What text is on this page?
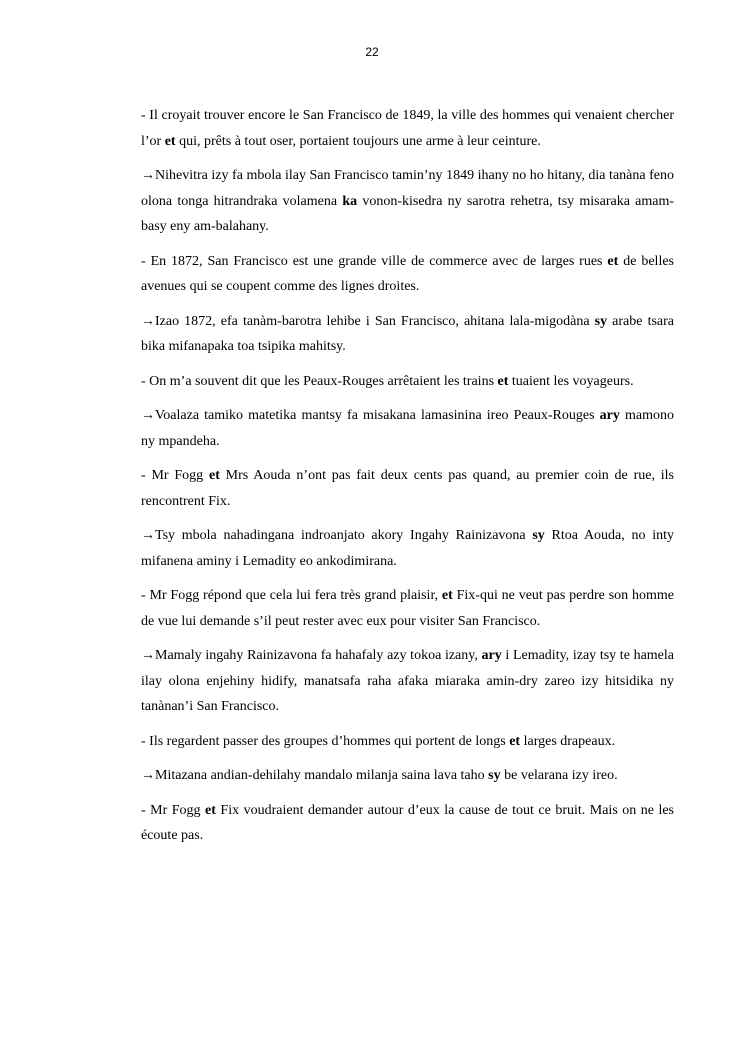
22

- Il croyait trouver encore le San Francisco de 1849, la ville des hommes qui venaient chercher l’or et qui, prêts à tout oser, portaient toujours une arme à leur ceinture.

→Nihevitra izy fa mbola ilay San Francisco tamin’ny 1849 ihany no ho hitany, dia tanàna feno olona tonga hitrandraka volamena ka vonon-kisedra ny sarotra rehetra, tsy misaraka amam-basy eny am-balahany.

- En 1872, San Francisco est une grande ville de commerce avec de larges rues et de belles avenues qui se coupent comme des lignes droites.

→Izao 1872, efa tanàm-barotra lehibe i San Francisco, ahitana lala-migodàna sy arabe tsara bika mifanapaka toa tsipika mahitsy.

- On m’a souvent dit que les Peaux-Rouges arrêtaient les trains et tuaient les voyageurs.

→Voalaza tamiko matetika mantsy fa misakana lamasinina ireo Peaux-Rouges ary mamono ny mpandeha.

- Mr Fogg et Mrs Aouda n’ont pas fait deux cents pas quand, au premier coin de rue, ils rencontrent Fix.

→Tsy mbola nahadingana indroanjato akory Ingahy Rainizavona sy Rtoa Aouda, no inty mifanena aminy i Lemadity eo ankodimirana.

- Mr Fogg répond que cela lui fera très grand plaisir, et Fix-qui ne veut pas perdre son homme de vue lui demande s’il peut rester avec eux pour visiter San Francisco.

→Mamaly ingahy Rainizavona fa hahafaly azy tokoa izany, ary i Lemadity, izay tsy te hamela ilay olona enjehiny hidify, manatsafa raha afaka miaraka amin-dry zareo izy hitsidika ny tanànan’i San Francisco.

- Ils regardent passer des groupes d’hommes qui portent de longs et larges drapeaux.

→Mitazana andian-dehilahy mandalo milanja saina lava taho sy be velarana izy ireo.

- Mr Fogg et Fix voudraient demander autour d’eux la cause de tout ce bruit. Mais on ne les écoute pas.
